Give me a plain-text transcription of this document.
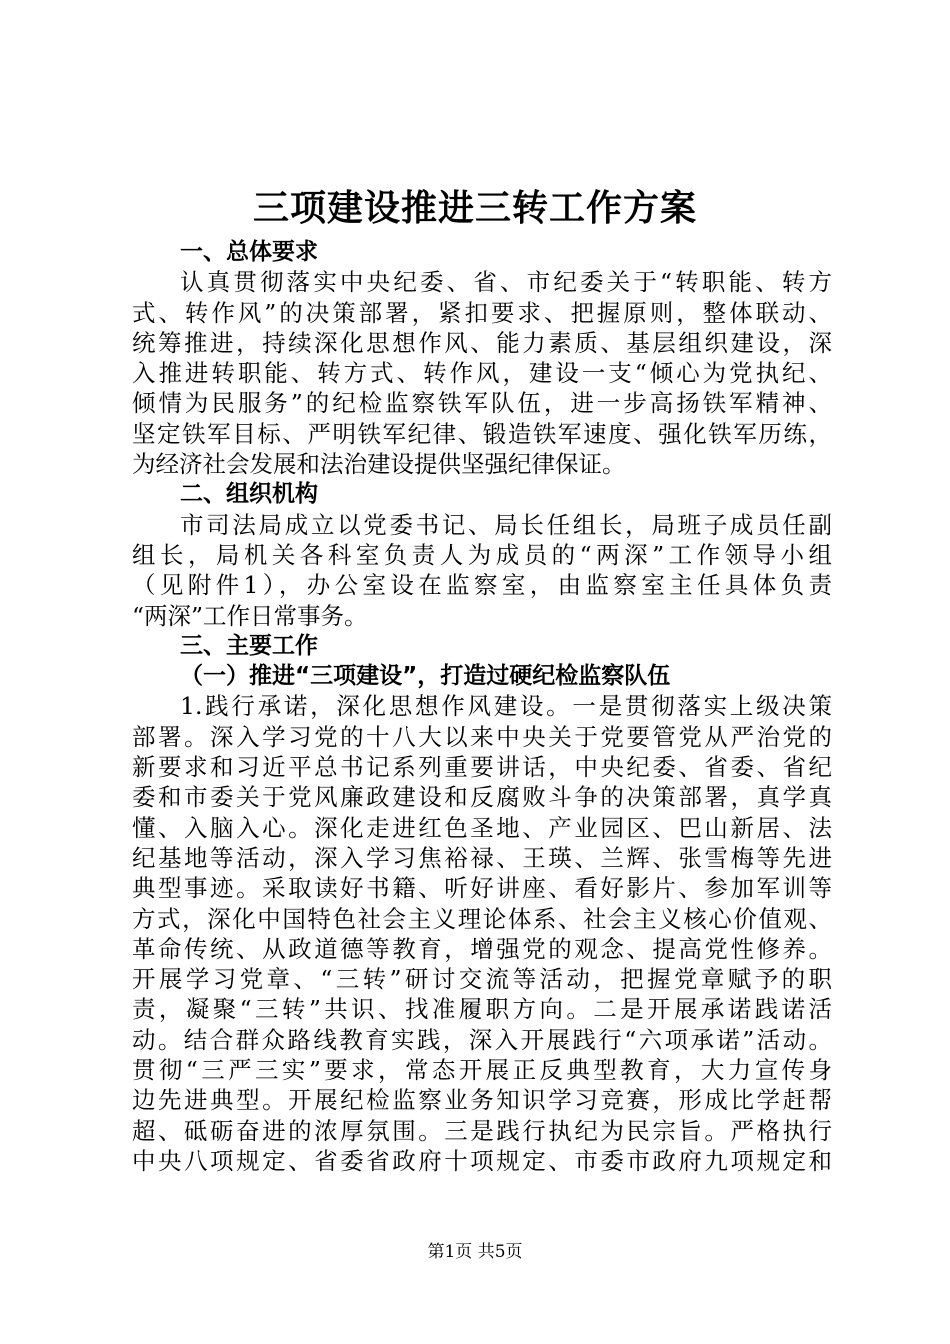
三项建设推进三转工作方案
一、总体要求
认真贯彻落实中央纪委、省、市纪委关于“转职能、转方
式、转作风”的决策部署，紧扣要求、把握原则，整体联动、
统筹推进，持续深化思想作风、能力素质、基层组织建设，深
入推进转职能、转方式、转作风，建设一支“倾心为党执纪、
倾情为民服务”的纪检监察铁军队伍，进一步高扬铁军精神、
坚定铁军目标、严明铁军纪律、锻造铁军速度、强化铁军历练，
为经济社会发展和法治建设提供坚强纪律保证。
二、组织机构
市司法局成立以党委书记、局长任组长，局班子成员任副
组长，局机关各科室负责人为成员的“两深”工作领导小组
（见附件1），办公室设在监察室，由监察室主任具体负责
“两深”工作日常事务。
三、主要工作
（一）推进“三项建设”，打造过硬纪检监察队伍
1.践行承诺，深化思想作风建设。一是贯彻落实上级决策
部署。深入学习党的十八大以来中央关于党要管党从严治党的
新要求和习近平总书记系列重要讲话，中央纪委、省委、省纪
委和市委关于党风廉政建设和反腐败斗争的决策部署，真学真
懂、入脑入心。深化走进红色圣地、产业园区、巴山新居、法
纪基地等活动，深入学习焦裕禄、王瑛、兰辉、张雪梅等先进
典型事迹。采取读好书籍、听好讲座、看好影片、参加军训等
方式，深化中国特色社会主义理论体系、社会主义核心价值观、
革命传统、从政道德等教育，增强党的观念、提高党性修养。
开展学习党章、“三转”研讨交流等活动，把握党章赋予的职
责，凝聚“三转”共识、找准履职方向。二是开展承诺践诺活
动。结合群众路线教育实践，深入开展践行“六项承诺”活动。
贯彻“三严三实”要求，常态开展正反典型教育，大力宣传身
边先进典型。开展纪检监察业务知识学习竞赛，形成比学赶帮
超、砥砺奋进的浓厚氛围。三是践行执纪为民宗旨。严格执行
中央八项规定、省委省政府十项规定、市委市政府九项规定和
第1页 共5页
